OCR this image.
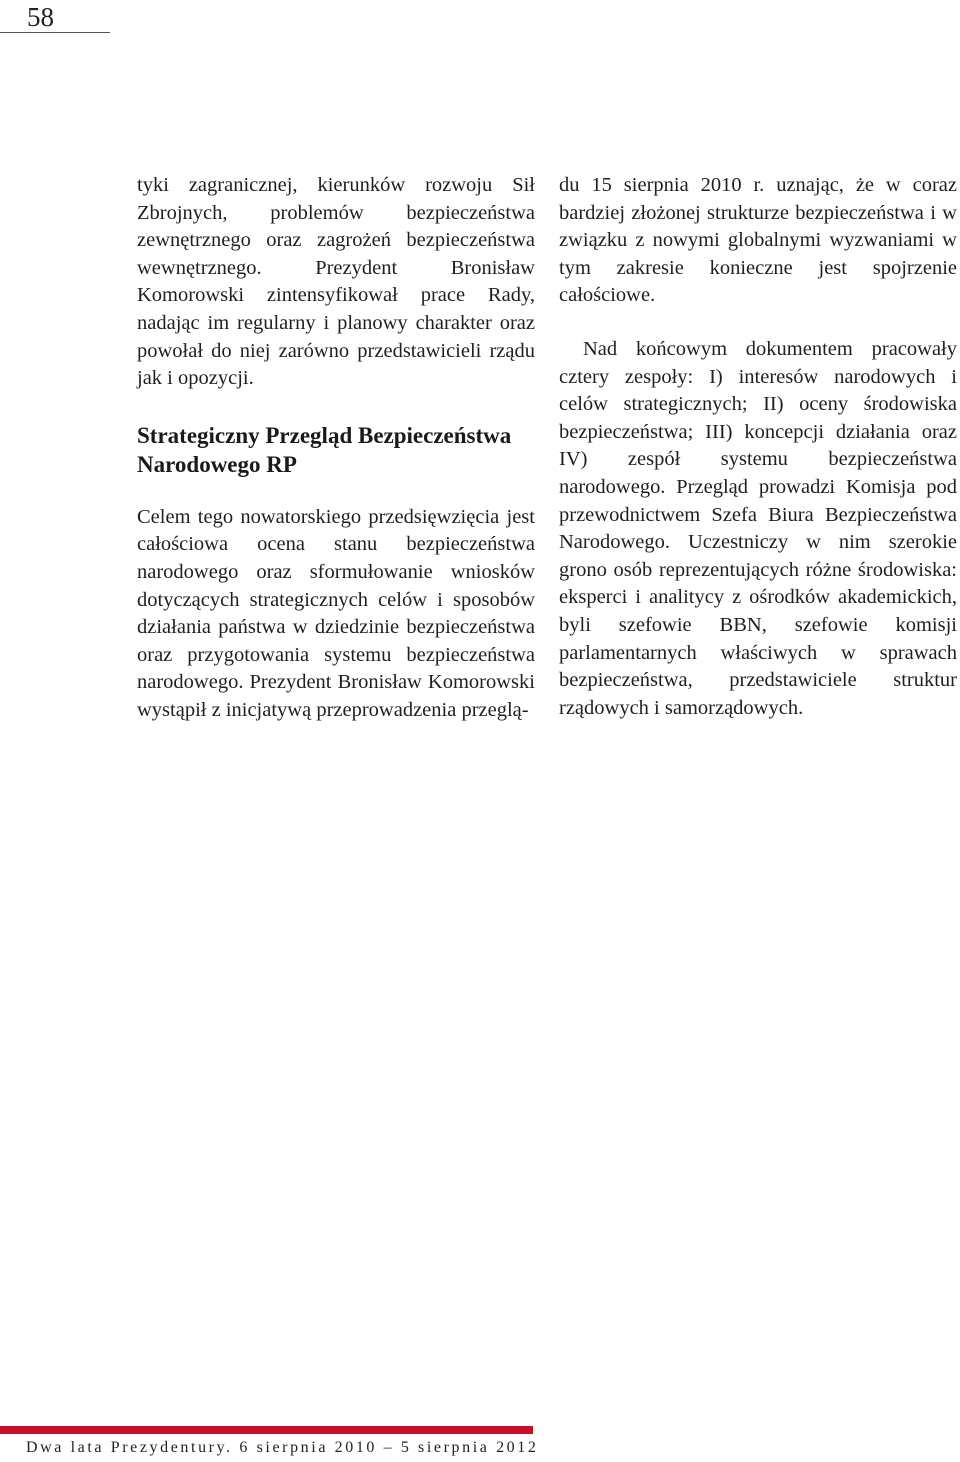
58

tyki zagranicznej, kierunków rozwoju Sił Zbrojnych, problemów bezpieczeństwa zewnętrznego oraz zagrożeń bezpieczeństwa wewnętrznego. Prezydent Bronisław Komorowski zintensyfikował prace Rady, nadając im regularny i planowy charakter oraz powołał do niej zarówno przedstawicieli rządu jak i opozycji.

Strategiczny Przegląd Bezpieczeństwa Narodowego RP

Celem tego nowatorskiego przedsięwzięcia jest całościowa ocena stanu bezpieczeństwa narodowego oraz sformułowanie wniosków dotyczących strategicznych celów i sposobów działania państwa w dziedzinie bezpieczeństwa oraz przygotowania systemu bezpieczeństwa narodowego. Prezydent Bronisław Komorowski wystąpił z inicjatywą przeprowadzenia przeglą-

du 15 sierpnia 2010 r. uznając, że w coraz bardziej złożonej strukturze bezpieczeństwa i w związku z nowymi globalnymi wyzwaniami w tym zakresie konieczne jest spojrzenie całościowe.

Nad końcowym dokumentem pracowały cztery zespoły: I) interesów narodowych i celów strategicznych; II) oceny środowiska bezpieczeństwa; III) koncepcji działania oraz IV) zespół systemu bezpieczeństwa narodowego. Przegląd prowadzi Komisja pod przewodnictwem Szefa Biura Bezpieczeństwa Narodowego. Uczestniczy w nim szerokie grono osób reprezentujących różne środowiska: eksperci i analitycy z ośrodków akademickich, byli szefowie BBN, szefowie komisji parlamentarnych właściwych w sprawach bezpieczeństwa, przedstawiciele struktur rządowych i samorządowych.

Dwa lata Prezydentury. 6 sierpnia 2010 – 5 sierpnia 2012
